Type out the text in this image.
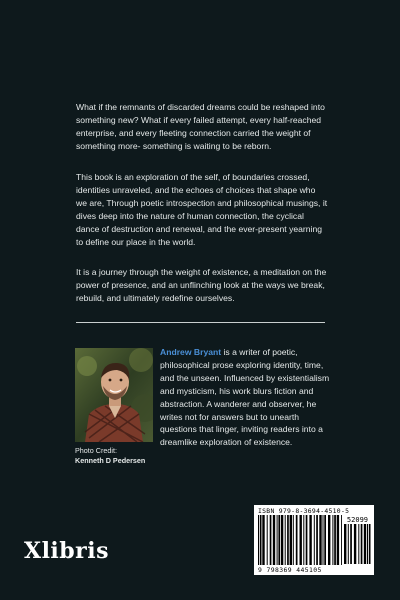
What if the remnants of discarded dreams could be reshaped into something new? What if every failed attempt, every half-reached enterprise, and every fleeting connection carried the weight of something more- something is waiting to be reborn.

This book is an exploration of the self, of boundaries crossed, identities unraveled, and the echoes of choices that shape who we are, Through poetic introspection and philosophical musings, it dives deep into the nature of human connection, the cyclical dance of destruction and renewal, and the ever-present yearning to define our place in the world.

It is a journey through the weight of existence, a meditation on the power of presence, and an unflinching look at the ways we break, rebuild, and ultimately redefine ourselves.

Photo Credit:
Kenneth D Pedersen

Andrew Bryant is a writer of poetic, philosophical prose exploring identity, time, and the unseen. Influenced by existentialism and mysticism, his work blurs fiction and abstraction. A wanderer and observer, he writes not for answers but to unearth questions that linger, inviting readers into a dreamlike exploration of existence.

Xlibris
ISBN 979-8-3694-4510-5
52099
9 798369 445105
